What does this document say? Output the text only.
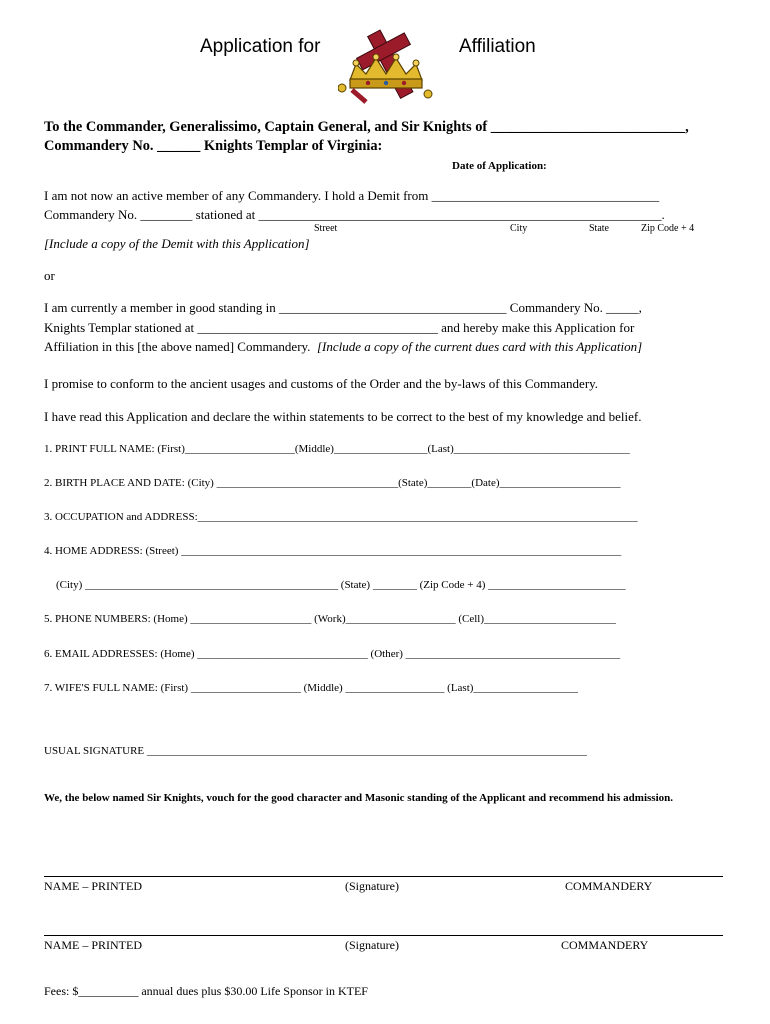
Application for	Affiliation
To the Commander, Generalissimo, Captain General, and Sir Knights of ___________________________,
Commandery No. ______ Knights Templar of Virginia:
Date of Application:
I am not now an active member of any Commandery. I hold a Demit from ___________________________________
Commandery No. ________ stationed at ______________________________________________________________.
Street	City	State	Zip Code + 4
[Include a copy of the Demit with this Application]
or
I am currently a member in good standing in ___________________________________ Commandery No. _____,
Knights Templar stationed at _____________________________________ and hereby make this Application for
Affiliation in this [the above named] Commandery.  [Include a copy of the current dues card with this Application]
I promise to conform to the ancient usages and customs of the Order and the by-laws of this Commandery.
I have read this Application and declare the within statements to be correct to the best of my knowledge and belief.
1. PRINT FULL NAME: (First)____________________(Middle)_________________(Last)________________________________
2. BIRTH PLACE AND DATE: (City) _________________________________(State)________(Date)______________________
3. OCCUPATION and ADDRESS:________________________________________________________________________________
4. HOME ADDRESS: (Street) ________________________________________________________________________________
(City) ______________________________________________ (State) ________ (Zip Code + 4) _________________________
5. PHONE NUMBERS: (Home) ______________________ (Work)____________________ (Cell)________________________
6. EMAIL ADDRESSES: (Home) _______________________________ (Other) _______________________________________
7. WIFE'S FULL NAME: (First) ____________________ (Middle) __________________ (Last)___________________
USUAL SIGNATURE ________________________________________________________________________________
We, the below named Sir Knights, vouch for the good character and Masonic standing of the Applicant and recommend his admission.
NAME – PRINTED	(Signature)	COMMANDERY
NAME – PRINTED	(Signature)	COMMANDERY
Fees: $__________ annual dues plus $30.00 Life Sponsor in KTEF
